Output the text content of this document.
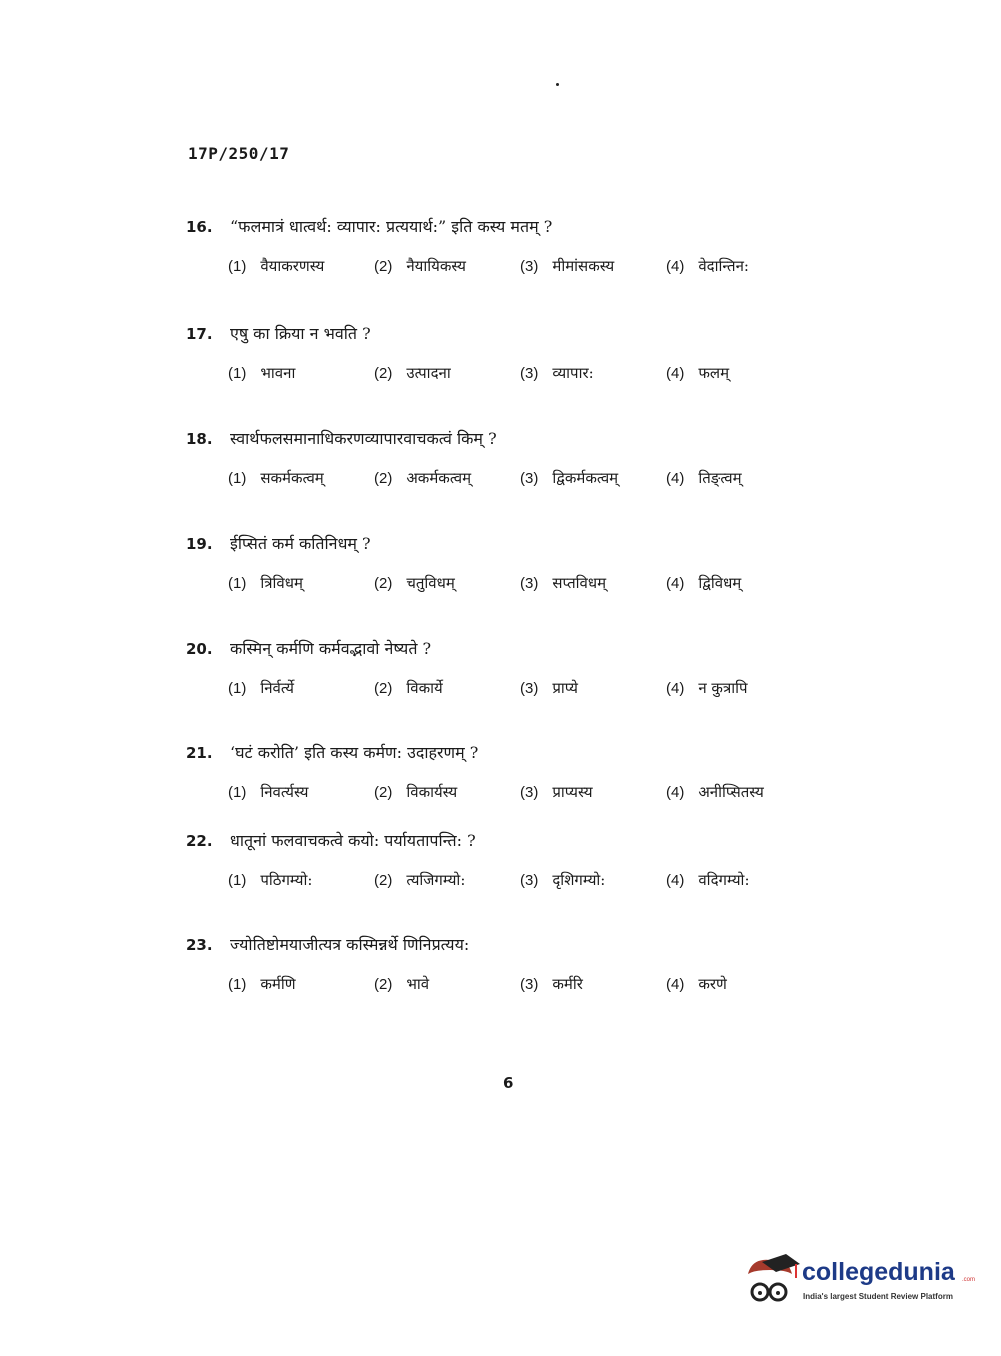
17P/250/17
16.	“फलमात्रं धात्वर्थ: व्यापार: प्रत्ययार्थ:” इति कस्य मतम् ?
(1) वैयाकरणस्य	(2) नैयायिकस्य	(3) मीमांसकस्य	(4) वेदान्तिन:
17.	एषु का क्रिया न भवति ?
(1) भावना	(2) उत्पादना	(3) व्यापार:	(4) फलम्
18.	स्वार्थफलसमानाधिकरणव्यापारवाचकत्वं किम् ?
(1) सकर्मकत्वम्	(2) अकर्मकत्वम्	(3) द्विकर्मकत्वम्	(4) तिङ्त्वम्
19.	ईप्सितं कर्म कतिनिधम् ?
(1) त्रिविधम्	(2) चतुविधम्	(3) सप्तविधम्	(4) द्विविधम्
20.	कस्मिन् कर्मणि कर्मवद्भावो नेष्यते ?
(1) निर्वर्त्ये	(2) विकार्ये	(3) प्राप्ये	(4) न कुत्रापि
21.	‘घटं करोति’ इति कस्य कर्मण: उदाहरणम् ?
(1) निवर्त्यस्य	(2) विकार्यस्य	(3) प्राप्यस्य	(4) अनीप्सितस्य
22.	धातूनां फलवाचकत्वे कयो: पर्यायतापन्ति: ?
(1) पठिगम्यो:	(2) त्यजिगम्यो:	(3) दृशिगम्यो:	(4) वदिगम्यो:
23.	ज्योतिष्टोमयाजीत्यत्र कस्मिन्नर्थे णिनिप्रत्यय:
(1) कर्मणि	(2) भावे	(3) कर्मरि	(4) करणे
6
collegedunia .com
India's largest Student Review Platform
